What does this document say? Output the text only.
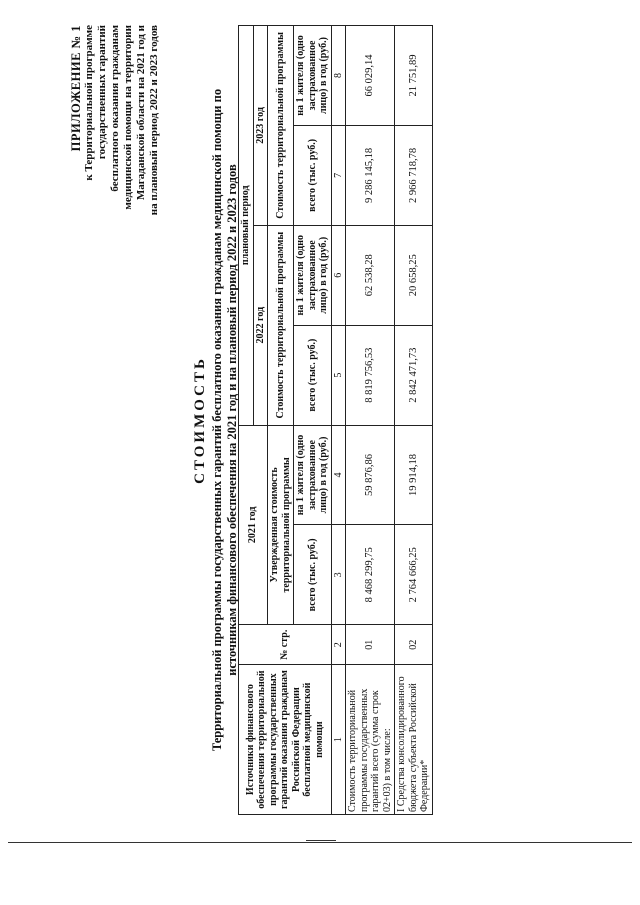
ПРИЛОЖЕНИЕ № 1 к Территориальной программе государственных гарантий бесплатного оказания гражданам медицинской помощи на территории Магаданской области на 2021 год и на плановый период 2022 и 2023 годов
СТОИМОСТЬ Территориальной программы государственных гарантий бесплатного оказания гражданам медицинской помощи по источникам финансового обеспечения на 2021 год и на плановый период 2022 и 2023 годов
Источники финансового обеспечения территориальной программы государственных гарантий оказания гражданам Российской Федерации бесплатной медицинской помощи	№ стр.	2021 год		плановый период			
				2022 год		2023 год	
		Утвержденная стоимость территориальной программы		Стоимость территориальной программы		Стоимость территориальной программы	
		всего (тыс. руб.)	на 1 жителя (одно застрахованное лицо) в год (руб.)	всего (тыс. руб.)	на 1 жителя (одно застрахованное лицо) в год (руб.)	всего (тыс. руб.)	на 1 жителя (одно застрахованное лицо) в год (руб.)
1	2	3	4	5	6	7	8
Стоимость территориальной программы государственных гарантий всего (сумма строк 02+03) в том числе:	01	8 468 299,75	59 876,86	8 819 756,53	62 538,28	9 286 145,18	66 029,14
I Средства консолидированного бюджета субъекта Российской Федерации*	02	2 764 666,25	19 914,18	2 842 471,73	20 658,25	2 966 718,78	21 751,89
